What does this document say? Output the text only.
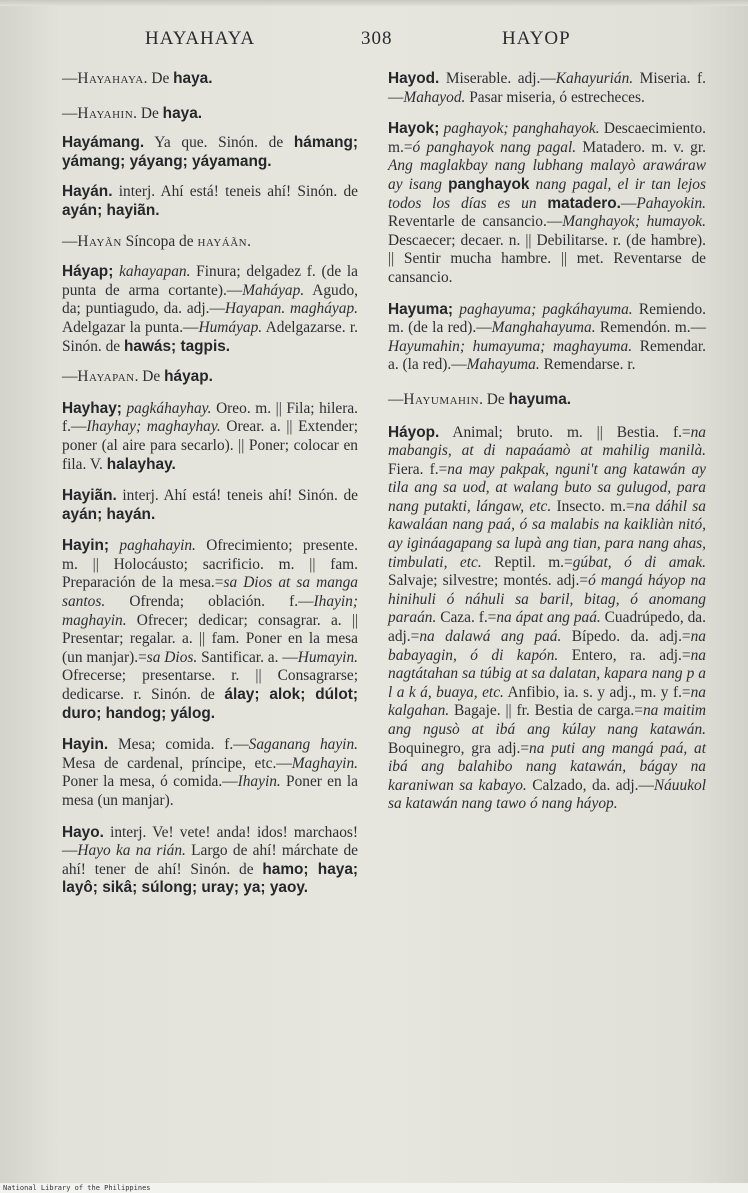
HAYAHAYA	308	HAYOP

—Hayahaya. De haya.

—Hayahin. De haya.

Hayámang. Ya que. Sinón. de hámang; yámang; yáyang; yáyamang.

Hayán. interj. Ahí está! teneis ahí! Sinón. de ayán; hayiãn.

—Hayãn Síncopa de hayáãn.

Háyap; kahayapan. Finura; delgadez f. (de la punta de arma cortante).—Maháyap. Agudo, da; puntiagudo, da. adj.—Hayapan. magháyap. Adelgazar la punta.—Humáyap. Adelgazarse. r. Sinón. de hawás; tagpis.

—Hayapan. De háyap.

Hayhay; pagkáhayhay. Oreo. m. || Fila; hilera. f.—Ihayhay; maghayhay. Orear. a. || Extender; poner (al aire para secarlo). || Poner; colocar en fila. V. halayhay.

Hayiãn. interj. Ahí está! teneis ahí! Sinón. de ayán; hayán.

Hayin; paghahayin. Ofrecimiento; presente. m. || Holocáusto; sacrificio. m. || fam. Preparación de la mesa.=sa Dios at sa manga santos. Ofrenda; oblación. f.—Ihayin; maghayin. Ofrecer; dedicar; consagrar. a. || Presentar; regalar. a. || fam. Poner en la mesa (un manjar).=sa Dios. Santificar. a. —Humayin. Ofrecerse; presentarse. r. || Consagrarse; dedicarse. r. Sinón. de álay; alok; dúlot; duro; handog; yálog.

Hayin. Mesa; comida. f.—Saganang hayin. Mesa de cardenal, príncipe, etc.—Maghayin. Poner la mesa, ó comida.—Ihayin. Poner en la mesa (un manjar).

Hayo. interj. Ve! vete! anda! idos! marchaos!—Hayo ka na rián. Largo de ahí! márchate de ahí! tener de ahí! Sinón. de hamo; haya; layô; sikâ; súlong; uray; ya; yaoy.

Hayod. Miserable. adj.—Kahayurián. Miseria. f.—Mahayod. Pasar miseria, ó estrecheces.

Hayok; paghayok; panghahayok. Descaecimiento. m.=ó panghayok nang pagal. Matadero. m. v. gr. Ang maglakbay nang lubhang malayò arawáraw ay isang panghayok nang pagal, el ir tan lejos todos los días es un matadero.—Pahayokin. Reventarle de cansancio.—Manghayok; humayok. Descaecer; decaer. n. || Debilitarse. r. (de hambre). || Sentir mucha hambre. || met. Reventarse de cansancio.

Hayuma; paghayuma; pagkáhayuma. Remiendo. m. (de la red).—Manghahayuma. Remendón. m.—Hayumahin; humayuma; maghayuma. Remendar. a. (la red).—Mahayuma. Remendarse. r.

—Hayumahin. De hayuma.

Háyop. Animal; bruto. m. || Bestia. f.=na mabangis, at di napaáamò at mahilig manilà. Fiera. f.=na may pakpak, nguni't ang katawán ay tila ang sa uod, at walang buto sa gulugod, para nang putakti, lángaw, etc. Insecto. m.=na dáhil sa kawaláan nang paá, ó sa malabis na kaikliàn nitó, ay igináagapang sa lupà ang tian, para nang ahas, timbulati, etc. Reptil. m.=gúbat, ó di amak. Salvaje; silvestre; montés. adj.=ó mangá háyop na hinihuli ó náhuli sa baril, bitag, ó anomang paraán. Caza. f.=na ápat ang paá. Cuadrúpedo, da. adj.=na dalawá ang paá. Bípedo. da. adj.=na babayagin, ó di kapón. Entero, ra. adj.=na nagtátahan sa túbig at sa dalatan, kapara nang p a l a k á, buaya, etc. Anfibio, ia. s. y adj., m. y f.=na kalgahan. Bagaje. || fr. Bestia de carga.=na maitim ang ngusò at ibá ang kúlay nang katawán. Boquinegro, gra adj.=na puti ang mangá paá, at ibá ang balahibo nang katawán, bágay na karaniwan sa kabayo. Calzado, da. adj.—Náuukol sa katawán nang tawo ó nang háyop.

National Library of the Philippines
